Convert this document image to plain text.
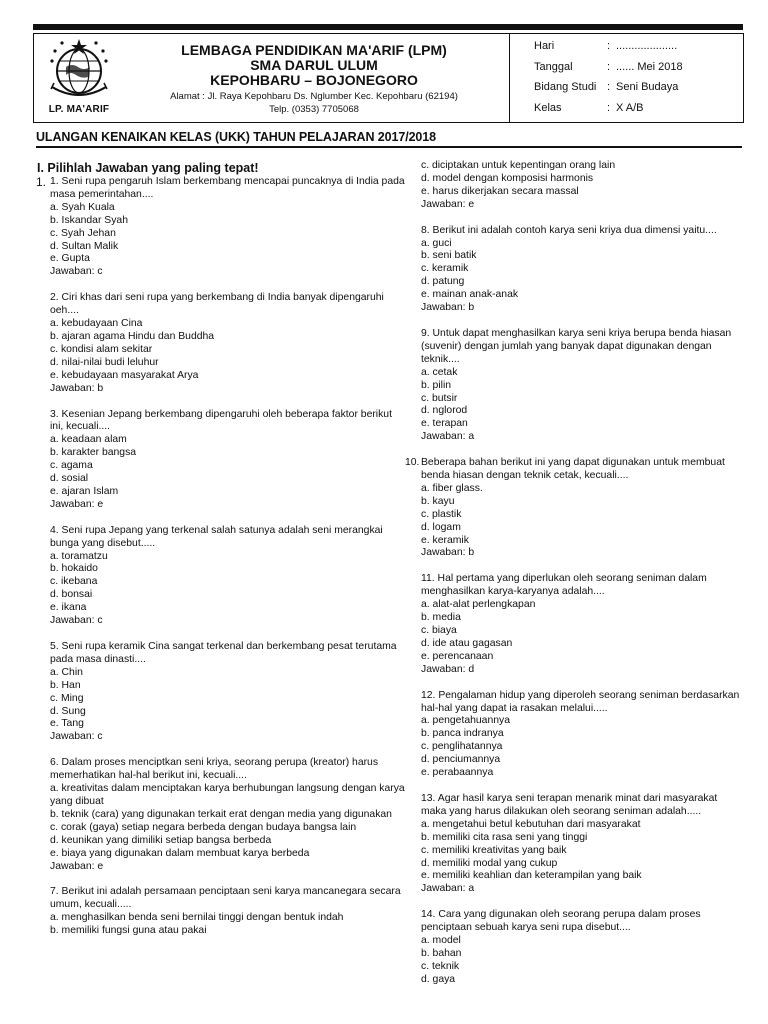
LP. MA'ARIF
LEMBAGA PENDIDIKAN MA'ARIF (LPM)
SMA DARUL ULUM
KEPOHBARU – BOJONEGORO
Alamat : Jl. Raya Kepohbaru Ds. Nglumber Kec. Kepohbaru (62194)
Telp. (0353) 7705068
Hari	: ....................
Tanggal	: ...... Mei 2018
Bidang Studi : Seni Budaya
Kelas	: X A/B
ULANGAN KENAIKAN KELAS (UKK) TAHUN PELAJARAN 2017/2018
I. Pilihlah Jawaban yang paling tepat!
1. 1. Seni rupa pengaruh Islam berkembang mencapai puncaknya di India pada masa pemerintahan....
a. Syah Kuala
b. Iskandar Syah
c. Syah Jehan
d. Sultan Malik
e. Gupta
Jawaban: c
2. Ciri khas dari seni rupa yang berkembang di India banyak dipengaruhi oeh....
a. kebudayaan Cina
b. ajaran agama Hindu dan Buddha
c. kondisi alam sekitar
d. nilai-nilai budi leluhur
e. kebudayaan masyarakat Arya
Jawaban: b
3. Kesenian Jepang berkembang dipengaruhi oleh beberapa faktor berikut ini, kecuali....
a. keadaan alam
b. karakter bangsa
c. agama
d. sosial
e. ajaran Islam
Jawaban: e
4. Seni rupa Jepang yang terkenal salah satunya adalah seni merangkai bunga yang disebut.....
a. toramatzu
b. hokaido
c. ikebana
d. bonsai
e. ikana
Jawaban: c
5. Seni rupa keramik Cina sangat terkenal dan berkembang pesat terutama pada masa dinasti....
a. Chin
b. Han
c. Ming
d. Sung
e. Tang
Jawaban: c
6. Dalam proses menciptkan seni kriya, seorang perupa (kreator) harus memerhatikan hal-hal berikut ini, kecuali....
a. kreativitas dalam menciptakan karya berhubungan langsung dengan karya yang dibuat
b. teknik (cara) yang digunakan terkait erat dengan media yang digunakan
c. corak (gaya) setiap negara berbeda dengan budaya bangsa lain
d. keunikan yang dimiliki setiap bangsa berbeda
e. biaya yang digunakan dalam membuat karya berbeda
Jawaban: e
7. Berikut ini adalah persamaan penciptaan seni karya mancanegara secara umum, kecuali.....
a. menghasilkan benda seni bernilai tinggi dengan bentuk indah
b. memiliki fungsi guna atau pakai
c. diciptakan untuk kepentingan orang lain
d. model dengan komposisi harmonis
e. harus dikerjakan secara massal
Jawaban: e
8. Berikut ini adalah contoh karya seni kriya dua dimensi yaitu....
a. guci
b. seni batik
c. keramik
d. patung
e. mainan anak-anak
Jawaban: b
9. Untuk dapat menghasilkan karya seni kriya berupa benda hiasan (suvenir) dengan jumlah yang banyak dapat digunakan dengan teknik....
a. cetak
b. pilin
c. butsir
d. nglorod
e. terapan
Jawaban: a
10. Beberapa bahan berikut ini yang dapat digunakan untuk membuat benda hiasan dengan teknik cetak, kecuali....
a. fiber glass.
b. kayu
c. plastik
d. logam
e. keramik
Jawaban: b
11. Hal pertama yang diperlukan oleh seorang seniman dalam menghasilkan karya-karyanya adalah....
a. alat-alat perlengkapan
b. media
c. biaya
d. ide atau gagasan
e. perencanaan
Jawaban: d
12. Pengalaman hidup yang diperoleh seorang seniman berdasarkan hal-hal yang dapat ia rasakan melalui.....
a. pengetahuannya
b. panca indranya
c. penglihatannya
d. penciumannya
e. perabaannya
13. Agar hasil karya seni terapan menarik minat dari masyarakat maka yang harus dilakukan oleh seorang seniman adalah.....
a. mengetahui betul kebutuhan dari masyarakat
b. memiliki cita rasa seni yang tinggi
c. memiliki kreativitas yang baik
d. memiliki modal yang cukup
e. memiliki keahlian dan keterampilan yang baik
Jawaban: a
14. Cara yang digunakan oleh seorang perupa dalam proses penciptaan sebuah karya seni rupa disebut....
a. model
b. bahan
c. teknik
d. gaya
